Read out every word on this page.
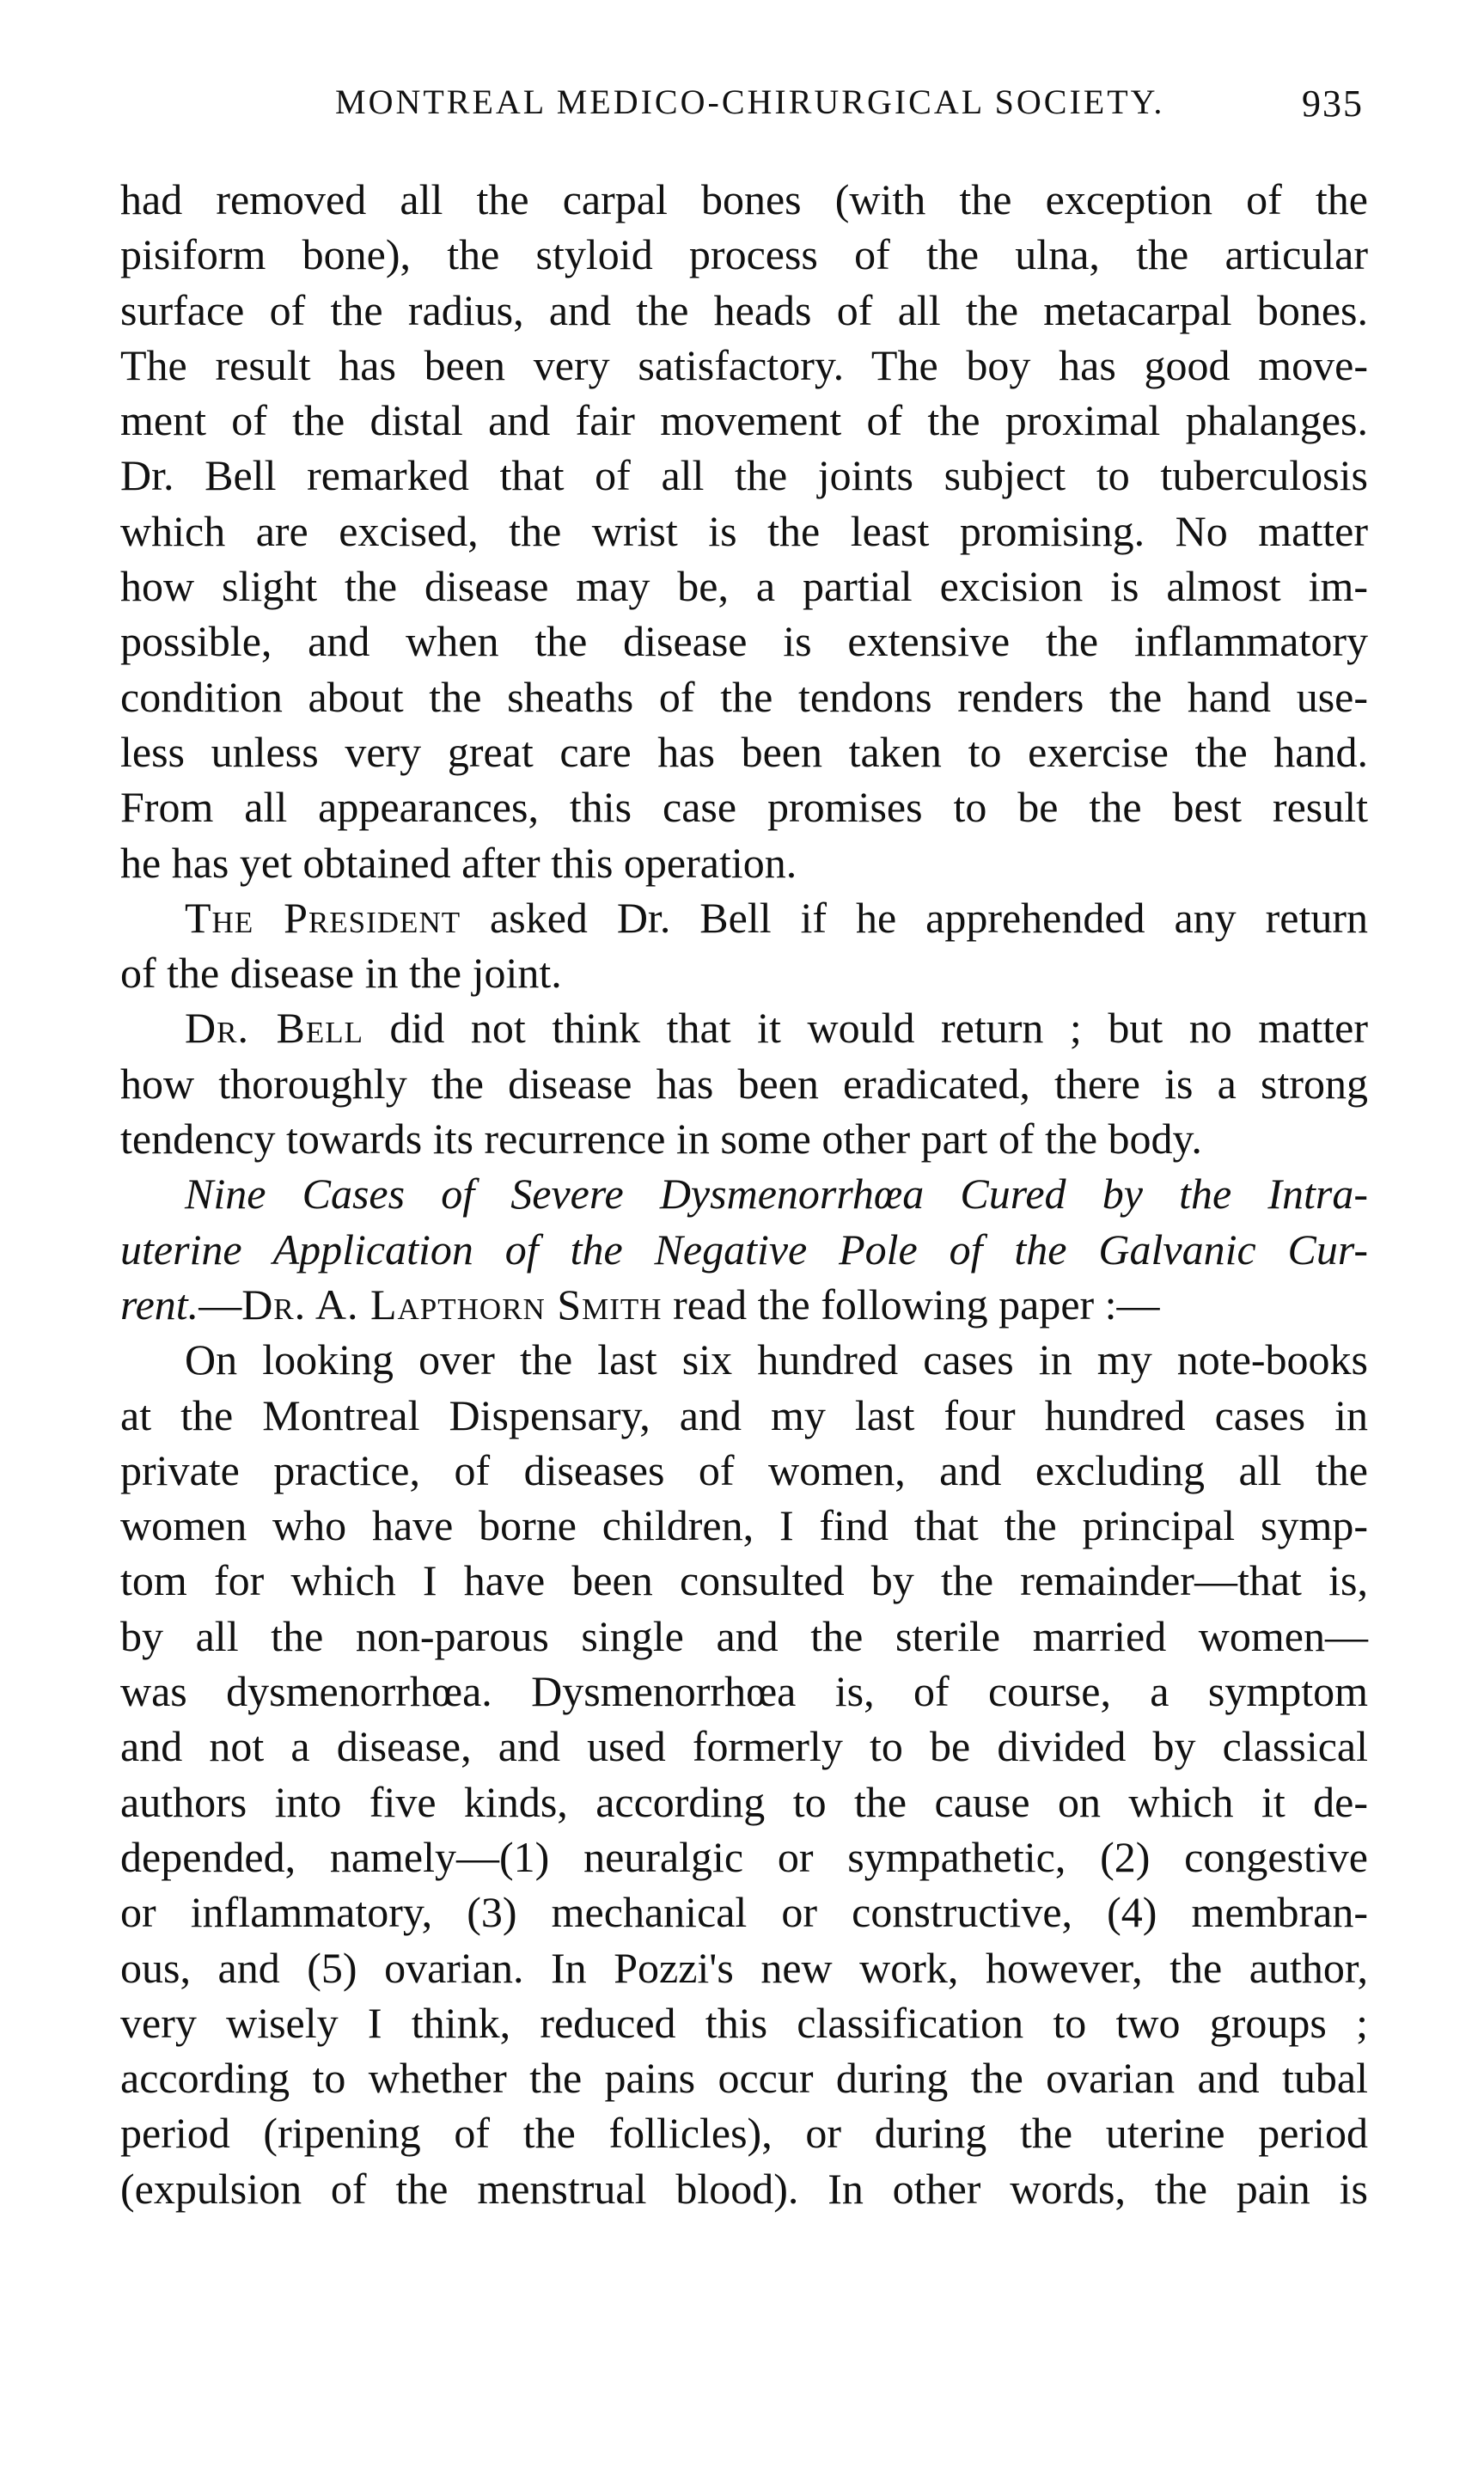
MONTREAL MEDICO-CHIRURGICAL SOCIETY.	935
had removed all the carpal bones (with the exception of the
pisiform bone), the styloid process of the ulna, the articular
surface of the radius, and the heads of all the metacarpal bones.
The result has been very satisfactory. The boy has good move-
ment of the distal and fair movement of the proximal phalanges.
Dr. Bell remarked that of all the joints subject to tuberculosis
which are excised, the wrist is the least promising. No matter
how slight the disease may be, a partial excision is almost im-
possible, and when the disease is extensive the inflammatory
condition about the sheaths of the tendons renders the hand use-
less unless very great care has been taken to exercise the hand.
From all appearances, this case promises to be the best result
he has yet obtained after this operation.
The President asked Dr. Bell if he apprehended any return
of the disease in the joint.
Dr. Bell did not think that it would return ; but no matter
how thoroughly the disease has been eradicated, there is a strong
tendency towards its recurrence in some other part of the body.
Nine Cases of Severe Dysmenorrhœa Cured by the Intra-
uterine Application of the Negative Pole of the Galvanic Cur-
rent.—Dr. A. Lapthorn Smith read the following paper :—
On looking over the last six hundred cases in my note-books
at the Montreal Dispensary, and my last four hundred cases in
private practice, of diseases of women, and excluding all the
women who have borne children, I find that the principal symp-
tom for which I have been consulted by the remainder—that is,
by all the non-parous single and the sterile married women—
was dysmenorrhœa. Dysmenorrhœa is, of course, a symptom
and not a disease, and used formerly to be divided by classical
authors into five kinds, according to the cause on which it de-
depended, namely—(1) neuralgic or sympathetic, (2) congestive
or inflammatory, (3) mechanical or constructive, (4) membran-
ous, and (5) ovarian. In Pozzi's new work, however, the author,
very wisely I think, reduced this classification to two groups ;
according to whether the pains occur during the ovarian and tubal
period (ripening of the follicles), or during the uterine period
(expulsion of the menstrual blood). In other words, the pain is
